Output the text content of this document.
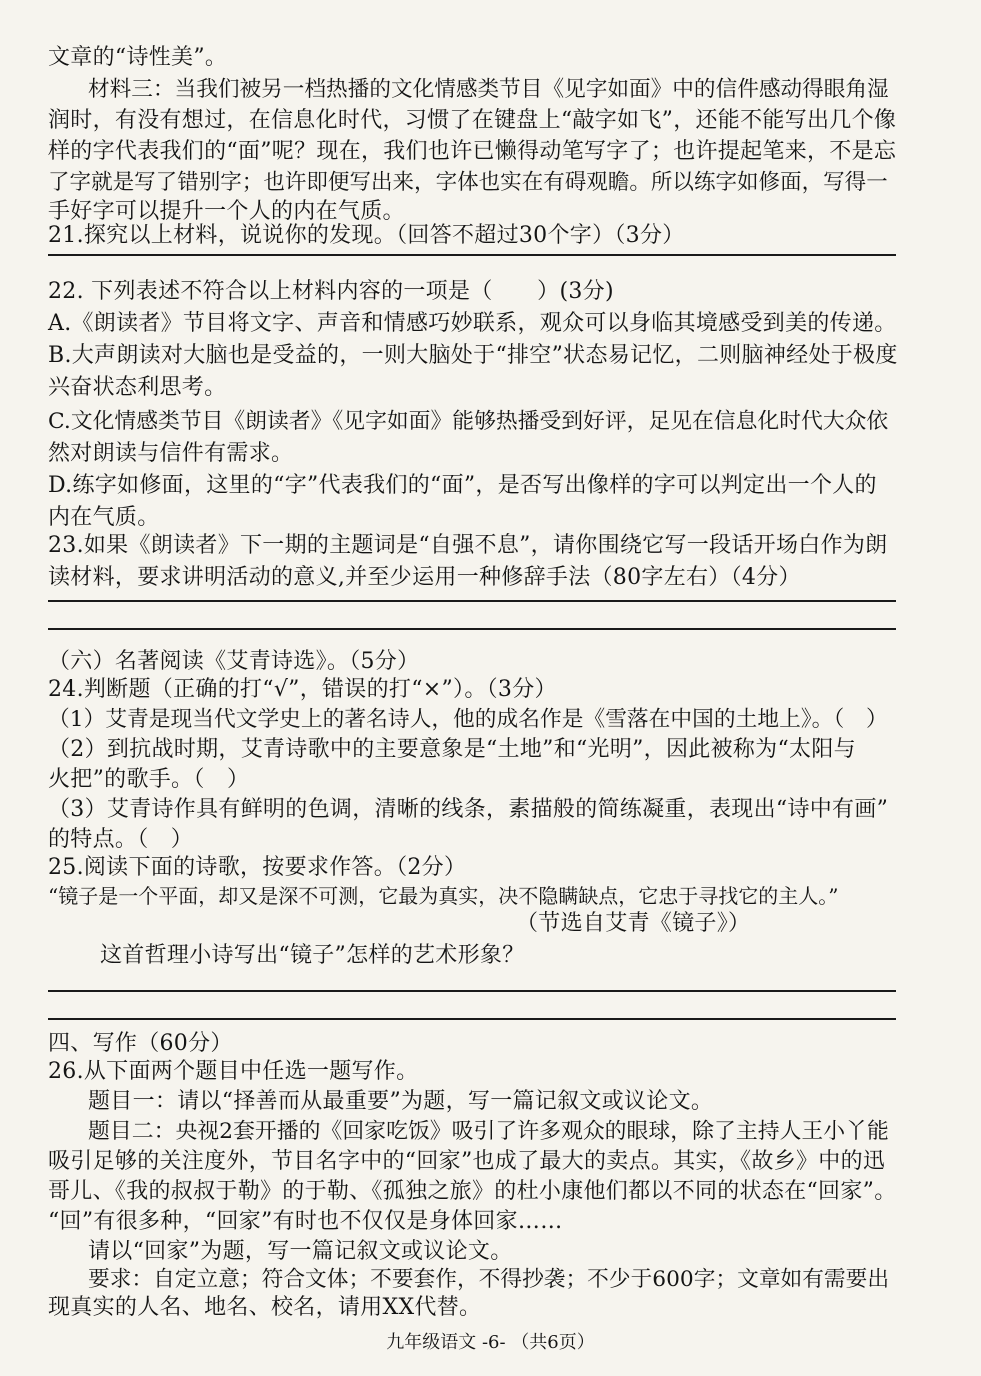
文章的“诗性美”。
材料三：当我们被另一档热播的文化情感类节目《见字如面》中的信件感动得眼角湿
润时，有没有想过，在信息化时代，习惯了在键盘上“敲字如飞”，还能不能写出几个像
样的字代表我们的“面”呢？现在，我们也许已懒得动笔写字了；也许提起笔来，不是忘
了字就是写了错别字；也许即便写出来，字体也实在有碍观瞻。所以练字如修面，写得一
手好字可以提升一个人的内在气质。
21.探究以上材料，说说你的发现。（回答不超过30个字）（3分）
22. 下列表述不符合以上材料内容的一项是（　　）(3分)
A.《朗读者》节目将文字、声音和情感巧妙联系，观众可以身临其境感受到美的传递。
B.大声朗读对大脑也是受益的，一则大脑处于“排空”状态易记忆，二则脑神经处于极度
兴奋状态利思考。
C.文化情感类节目《朗读者》《见字如面》能够热播受到好评，足见在信息化时代大众依
然对朗读与信件有需求。
D.练字如修面，这里的“字”代表我们的“面”，是否写出像样的字可以判定出一个人的
内在气质。
23.如果《朗读者》下一期的主题词是“自强不息”，请你围绕它写一段话开场白作为朗
读材料，要求讲明活动的意义,并至少运用一种修辞手法（80字左右）（4分）
（六）名著阅读《艾青诗选》。（5分）
24.判断题（正确的打“√”，错误的打“×”）。（3分）
（1）艾青是现当代文学史上的著名诗人，他的成名作是《雪落在中国的土地上》。（　）
（2）到抗战时期，艾青诗歌中的主要意象是“土地”和“光明”，因此被称为“太阳与
火把”的歌手。（　）
（3）艾青诗作具有鲜明的色调，清晰的线条，素描般的简练凝重，表现出“诗中有画”
的特点。（　）
25.阅读下面的诗歌，按要求作答。（2分）
“镜子是一个平面，却又是深不可测，它最为真实，决不隐瞒缺点，它忠于寻找它的主人。”
（节选自艾青《镜子》）
这首哲理小诗写出“镜子”怎样的艺术形象？
四、写作（60分）
26.从下面两个题目中任选一题写作。
题目一：请以“择善而从最重要”为题，写一篇记叙文或议论文。
题目二：央视2套开播的《回家吃饭》吸引了许多观众的眼球，除了主持人王小丫能
吸引足够的关注度外，节目名字中的“回家”也成了最大的卖点。其实，《故乡》中的迅
哥儿、《我的叔叔于勒》的于勒、《孤独之旅》的杜小康他们都以不同的状态在“回家”。
“回”有很多种，“回家”有时也不仅仅是身体回家……
请以“回家”为题，写一篇记叙文或议论文。
要求：自定立意；符合文体；不要套作，不得抄袭；不少于600字；文章如有需要出
现真实的人名、地名、校名，请用XX代替。
九年级语文 -6- （共6页）
